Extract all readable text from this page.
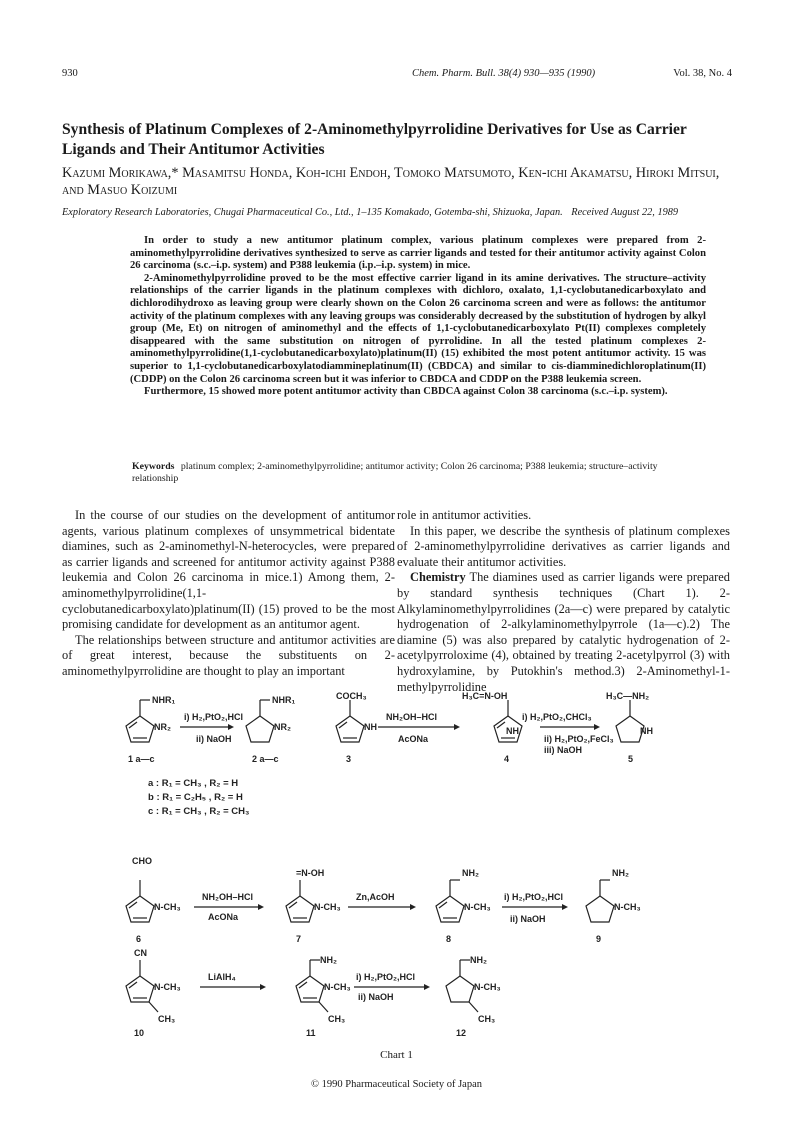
930	Chem. Pharm. Bull. 38(4) 930—935 (1990)	Vol. 38, No. 4
Synthesis of Platinum Complexes of 2-Aminomethylpyrrolidine Derivatives for Use as Carrier Ligands and Their Antitumor Activities
Kazumi Morikawa,* Masamitsu Honda, Koh-ichi Endoh, Tomoko Matsumoto, Ken-ichi Akamatsu, Hiroki Mitsui, and Masuo Koizumi
Exploratory Research Laboratories, Chugai Pharmaceutical Co., Ltd., 1–135 Komakado, Gotemba-shi, Shizuoka, Japan. Received August 22, 1989

In order to study a new antitumor platinum complex, various platinum complexes were prepared from 2-aminomethylpyrrolidine derivatives synthesized to serve as carrier ligands and tested for their antitumor activity against Colon 26 carcinoma (s.c.–i.p. system) and P388 leukemia (i.p.–i.p. system) in mice.

2-Aminomethylpyrrolidine proved to be the most effective carrier ligand in its amine derivatives. The structure–activity relationships of the carrier ligands in the platinum complexes with dichloro, oxalato, 1,1-cyclobutanedicarboxylato and dichlorodihydroxo as leaving group were clearly shown on the Colon 26 carcinoma screen and were as follows: the antitumor activity of the platinum complexes with any leaving groups was considerably decreased by the substitution of hydrogen by alkyl group (Me, Et) on nitrogen of aminomethyl and the effects of 1,1-cyclobutanedicarboxylato Pt(II) complexes completely disappeared with the same substitution on nitrogen of pyrrolidine. In all the tested platinum complexes 2-aminomethylpyrrolidine(1,1-cyclobutanedicarboxylato)platinum(II) (15) exhibited the most potent antitumor activity. 15 was superior to 1,1-cyclobutanedicarboxylatodiammineplatinum(II) (CBDCA) and similar to cis-diamminedichloroplatinum(II) (CDDP) on the Colon 26 carcinoma screen but it was inferior to CBDCA and CDDP on the P388 leukemia screen.

Furthermore, 15 showed more potent antitumor activity than CBDCA against Colon 38 carcinoma (s.c.–i.p. system).

Keywords platinum complex; 2-aminomethylpyrrolidine; antitumor activity; Colon 26 carcinoma; P388 leukemia; structure–activity relationship

In the course of our studies on the development of antitumor agents, various platinum complexes of unsymmetrical bidentate diamines, such as 2-aminomethyl-N-heterocycles, were prepared as carrier ligands and screened for antitumor activity against P388 leukemia and Colon 26 carcinoma in mice.1) Among them, 2-aminomethylpyrrolidine(1,1-cyclobutanedicarboxylato)platinum(II) (15) proved to be the most promising candidate for development as an antitumor agent.

The relationships between structure and antitumor activities are of great interest, because the substituents on 2-aminomethylpyrrolidine are thought to play an important

role in antitumor activities.

In this paper, we describe the synthesis of platinum complexes of 2-aminomethylpyrrolidine derivatives as carrier ligands and evaluate their antitumor activities.

Chemistry The diamines used as carrier ligands were prepared by standard synthesis techniques (Chart 1). 2-Alkylaminomethylpyrrolidines (2a—c) were prepared by catalytic hydrogenation of 2-alkylaminomethylpyrrole (1a—c).2) The diamine (5) was also prepared by catalytic hydrogenation of 2-acetylpyrroloxime (4), obtained by treating 2-acetylpyrrol (3) with hydroxylamine, by Putokhin's method.3) 2-Aminomethyl-1-methylpyrrolidine

NHR₁
NR₂
1 a—c
i) H₂,PtO₂,HCl
ii) NaOH
NHR₁
NR₂
2 a—c
COCH₃
NH
3
NH₂OH–HCl
AcONa
H₃C=N-OH
NH
4
i) H₂,PtO₂,CHCl₃
ii) H₂,PtO₂,FeCl₃
iii) NaOH
H₃C—NH₂
NH
5
a : R₁ = CH₃ , R₂ = H
b : R₁ = C₂H₅ , R₂ = H
c : R₁ = CH₃ , R₂ = CH₃
CHO
N-CH₃
6
NH₂OH–HCl
AcONa
=N-OH
N-CH₃
7
Zn,AcOH
NH₂
N-CH₃
8
i) H₂,PtO₂,HCl
ii) NaOH
NH₂
N-CH₃
9
CN
N-CH₃
CH₃
10
LiAlH₄
NH₂
N-CH₃
CH₃
11
i) H₂,PtO₂,HCl
ii) NaOH
NH₂
N-CH₃
CH₃
12
Chart 1
© 1990 Pharmaceutical Society of Japan
